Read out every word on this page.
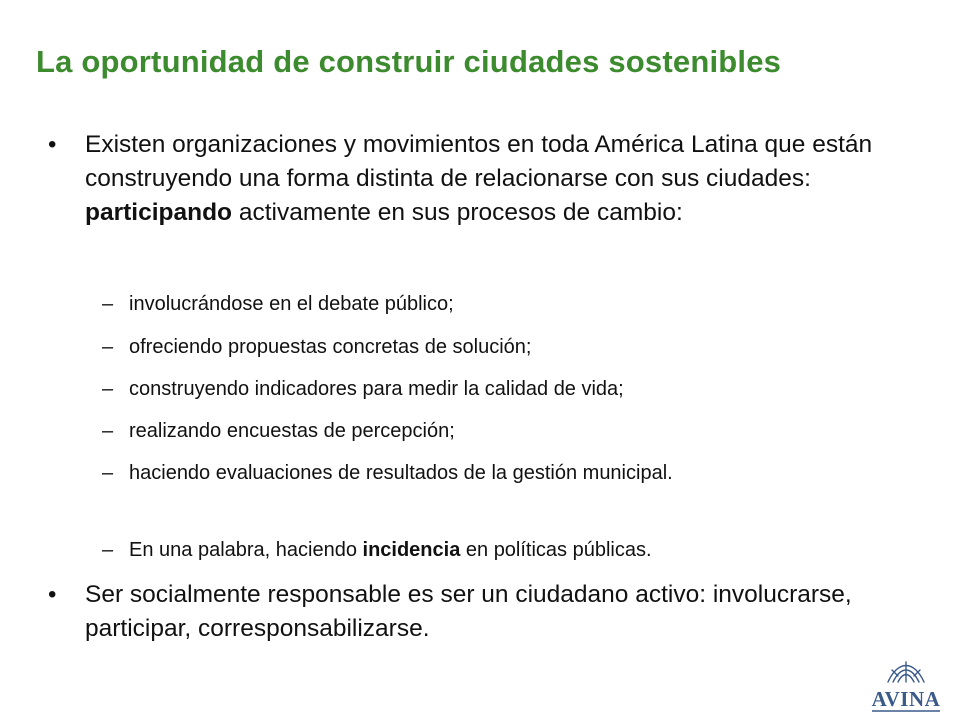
La oportunidad de construir ciudades sostenibles
• Existen organizaciones y movimientos en toda América Latina que están construyendo una forma distinta de relacionarse con sus ciudades: participando activamente en sus procesos de cambio:
– involucrándose en el debate público;
– ofreciendo propuestas concretas de solución;
– construyendo indicadores para medir la calidad de vida;
– realizando encuestas de percepción;
– haciendo evaluaciones de resultados de la gestión municipal.
– En una palabra, haciendo incidencia en políticas públicas.
• Ser socialmente responsable es ser un ciudadano activo: involucrarse, participar, corresponsabilizarse.
AVINA
